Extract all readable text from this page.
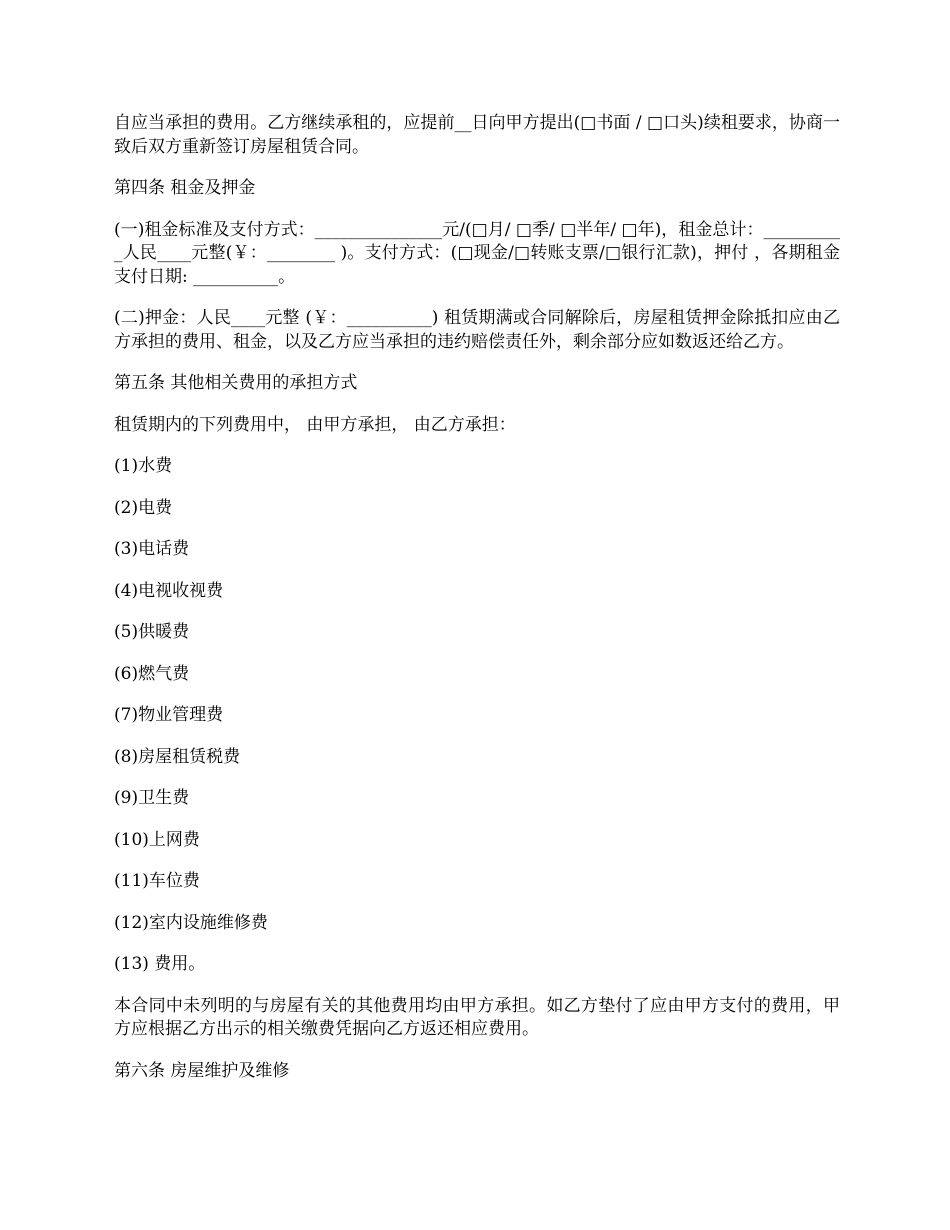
自应当承担的费用。乙方继续承租的，应提前__日向甲方提出(□书面 / □口头)续租要求，协商一致后双方重新签订房屋租赁合同。

第四条 租金及押金

(一)租金标准及支付方式：_______________元/(□月/ □季/ □半年/ □年)，租金总计：__________人民____元整(￥：________ )。支付方式：(□现金/□转账支票/□银行汇款)，押付 ，各期租金支付日期: __________。

(二)押金：人民____元整 (￥：__________) 租赁期满或合同解除后，房屋租赁押金除抵扣应由乙方承担的费用、租金，以及乙方应当承担的违约赔偿责任外，剩余部分应如数返还给乙方。

第五条 其他相关费用的承担方式

租赁期内的下列费用中， 由甲方承担， 由乙方承担：

(1)水费

(2)电费

(3)电话费

(4)电视收视费

(5)供暖费

(6)燃气费

(7)物业管理费

(8)房屋租赁税费

(9)卫生费

(10)上网费

(11)车位费

(12)室内设施维修费

(13) 费用。

本合同中未列明的与房屋有关的其他费用均由甲方承担。如乙方垫付了应由甲方支付的费用，甲方应根据乙方出示的相关缴费凭据向乙方返还相应费用。

第六条 房屋维护及维修
